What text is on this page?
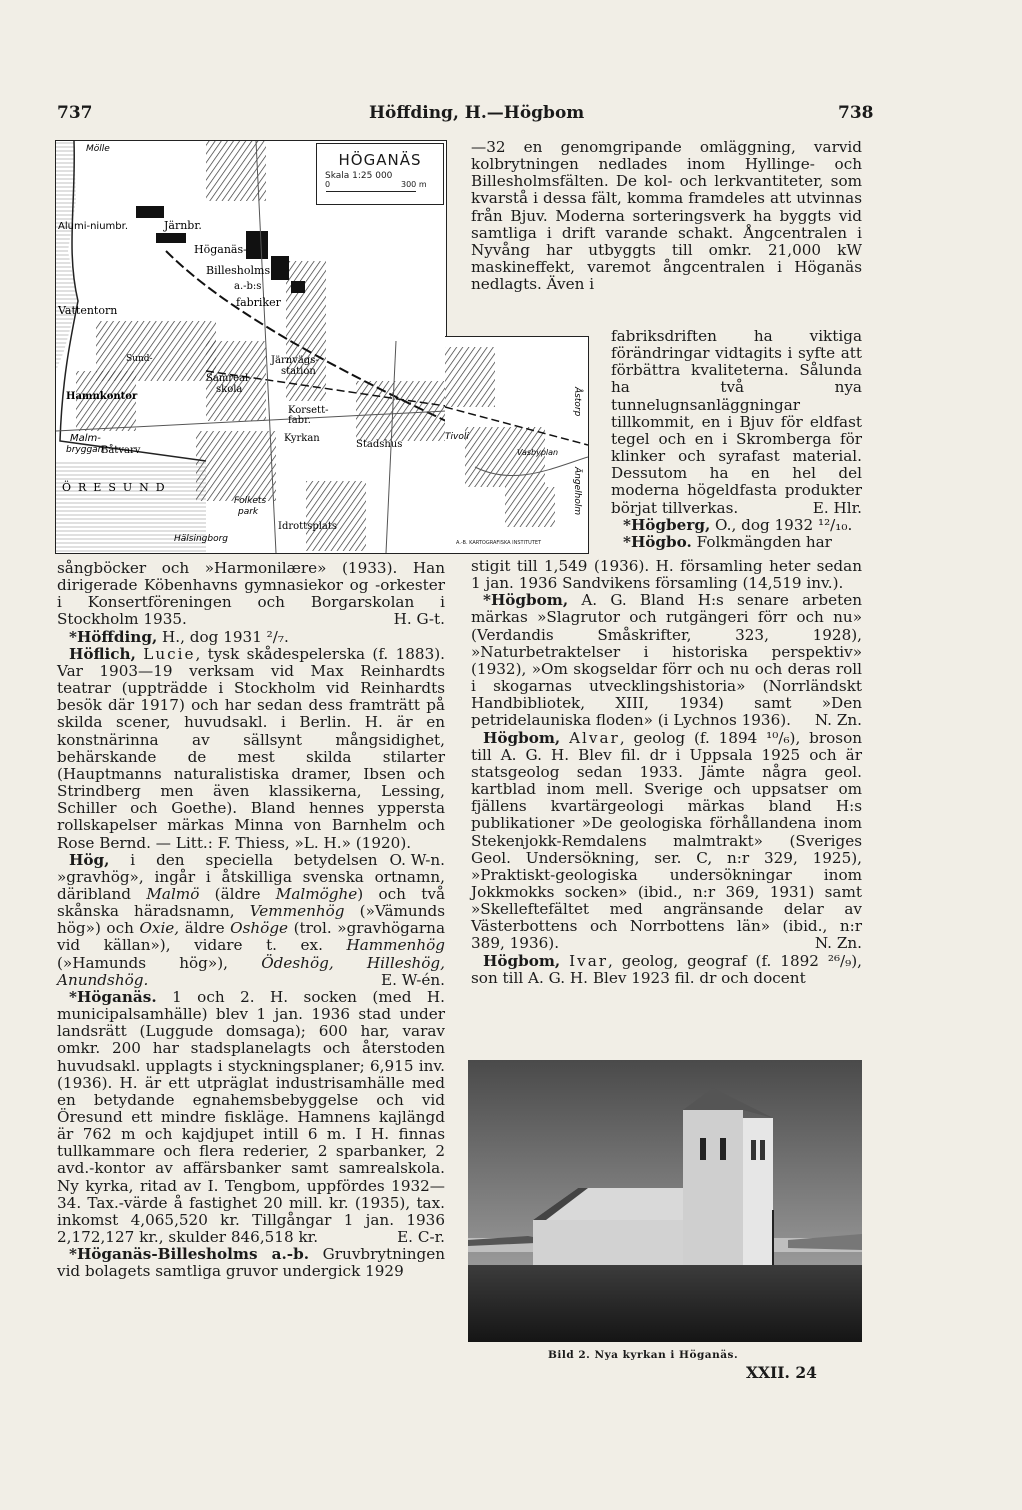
737	Höffding, H.—Högbom	738
Mölle
Alumi-niumbr.	Järnbr.
Höganäs-
Billesholms
a.-b:s
fabriker
Vattentorn
Sund-	Järnvägs-
station
Samreal-
skola
Hamnkontor
Malm-
Båtvarv
bryggan
Korsett-
fabr.
Kyrkan
Stadshus
ÖRESUND
Folkets
park
Idrottsplats
Hälsingborg
HÖGANÄS
Skala 1:25 000
0	300 m
Åstorp
Ängelholm
Tivoli
Vasbyplan
A.-B. KARTOGRAFISKA INSTITUTET

sångböcker och »Harmonilære» (1933). Han dirigerade Köbenhavns gymnasiekor og -orkester i Konsertföreningen och Borgarskolan i Stockholm 1935.	H. G-t.

*Höffding, H., dog 1931 ²/₇.

Höflich, Lucie, tysk skådespelerska (f. 1883). Var 1903—19 verksam vid Max Reinhardts teatrar (uppträdde i Stockholm vid Reinhardts besök där 1917) och har sedan dess framträtt på skilda scener, huvudsakl. i Berlin. H. är en konstnärinna av sällsynt mångsidighet, behärskande de mest skilda stilarter (Hauptmanns naturalistiska dramer, Ibsen och Strindberg men även klassikerna, Lessing, Schiller och Goethe). Bland hennes yppersta rollskapelser märkas Minna von Barnhelm och Rose Bernd. — Litt.: F. Thiess, »L. H.» (1920).
O. W-n.

Hög, i den speciella betydelsen »gravhög», ingår i åtskilliga svenska ortnamn, däribland Malmö (äldre Malmöghe) och två skånska häradsnamn, Vemmenhög (»Vämunds hög») och Oxie, äldre Oshöge (trol. »gravhögarna vid källan»), vidare t. ex. Hammenhög (»Hamunds hög»), Ödeshög, Hilleshög, Anundshög.	E. W-én.

*Höganäs. 1 och 2. H. socken (med H. municipalsamhälle) blev 1 jan. 1936 stad under landsrätt (Luggude domsaga); 600 har, varav omkr. 200 har stadsplanelagts och återstoden huvudsakl. upplagts i styckningsplaner; 6,915 inv. (1936). H. är ett utpräglat industrisamhälle med en betydande egnahemsbebyggelse och vid Öresund ett mindre fiskläge. Hamnens kajlängd är 762 m och kajdjupet intill 6 m. I H. finnas tullkammare och flera rederier, 2 sparbanker, 2 avd.-kontor av affärsbanker samt samrealskola. Ny kyrka, ritad av I. Tengbom, uppfördes 1932—34. Tax.-värde å fastighet 20 mill. kr. (1935), tax. inkomst 4,065,520 kr. Tillgångar 1 jan. 1936 2,172,127 kr., skulder 846,518 kr.	E. C-r.

*Höganäs-Billesholms a.-b. Gruvbrytningen vid bolagets samtliga gruvor undergick 1929

—32 en genomgripande omläggning, varvid kolbrytningen nedlades inom Hyllinge- och Billesholmsfälten. De kol- och lerkvantiteter, som kvarstå i dessa fält, komma framdeles att utvinnas från Bjuv. Moderna sorteringsverk ha byggts vid samtliga i drift varande schakt. Ångcentralen i Nyvång har utbyggts till omkr. 21,000 kW maskineffekt, varemot ångcentralen i Höganäs nedlagts. Även i

fabriksdriften ha viktiga förändringar vidtagits i syfte att förbättra kvaliteterna. Sålunda ha två nya tunnelugnsanläggningar tillkommit, en i Bjuv för eldfast tegel och en i Skromberga för klinker och syrafast material. Dessutom ha en hel del moderna högeldfasta produkter börjat tillverkas.	E. Hlr.

*Högberg, O., dog 1932 ¹²/₁₀.

*Högbo. Folkmängden har

stigit till 1,549 (1936). H. församling heter sedan 1 jan. 1936 Sandvikens församling (14,519 inv.).

*Högbom, A. G. Bland H:s senare arbeten märkas »Slagrutor och rutgängeri förr och nu» (Verdandis Småskrifter, 323, 1928), »Naturbetraktelser i historiska perspektiv» (1932), »Om skogseldar förr och nu och deras roll i skogarnas utvecklingshistoria» (Norrländskt Handbibliotek, XIII, 1934) samt »Den petridelauniska floden» (i Lychnos 1936).	N. Zn.

Högbom, Alvar, geolog (f. 1894 ¹⁰/₆), broson till A. G. H. Blev fil. dr i Uppsala 1925 och är statsgeolog sedan 1933. Jämte några geol. kartblad inom mell. Sverige och uppsatser om fjällens kvartärgeologi märkas bland H:s publikationer »De geologiska förhållandena inom Stekenjokk-Remdalens malmtrakt» (Sveriges Geol. Undersökning, ser. C, n:r 329, 1925), »Praktiskt-geologiska undersökningar inom Jokkmokks socken» (ibid., n:r 369, 1931) samt »Skelleftefältet med angränsande delar av Västerbottens och Norrbottens län» (ibid., n:r 389, 1936).	N. Zn.

Högbom, Ivar, geolog, geograf (f. 1892 ²⁶/₉), son till A. G. H. Blev 1923 fil. dr och docent

Bild 2. Nya kyrkan i Höganäs.
XXII. 24
